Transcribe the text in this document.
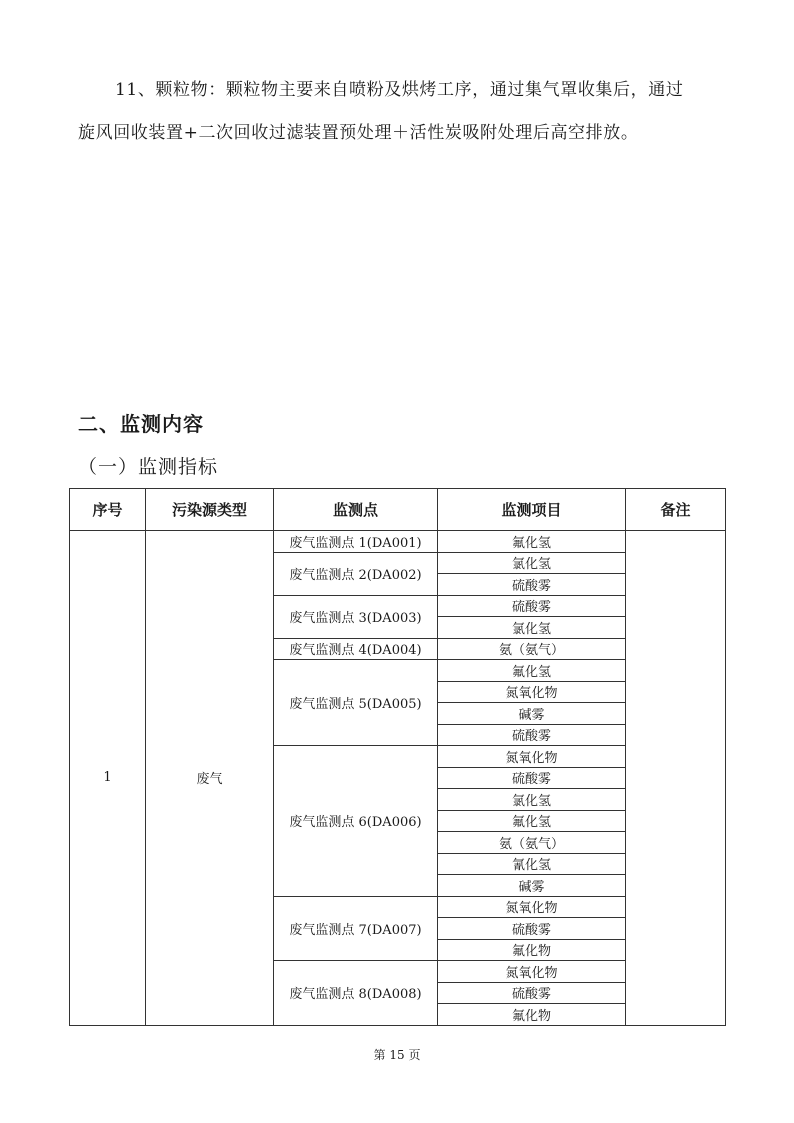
11、颗粒物：颗粒物主要来自喷粉及烘烤工序，通过集气罩收集后，通过
旋风回收装置+二次回收过滤装置预处理＋活性炭吸附处理后高空排放。
二、监测内容
（一）监测指标
序号	污染源类型	监测点	监测项目	备注
1	废气	废气监测点 1(DA001)	氟化氢	
		废气监测点 2(DA002)	氯化氢	
			硫酸雾	
		废气监测点 3(DA003)	硫酸雾	
			氯化氢	
		废气监测点 4(DA004)	氨（氨气）	
		废气监测点 5(DA005)	氟化氢	
			氮氧化物	
			碱雾	
			硫酸雾	
		废气监测点 6(DA006)	氮氧化物	
			硫酸雾	
			氯化氢	
			氟化氢	
			氨（氨气）	
			氰化氢	
			碱雾	
		废气监测点 7(DA007)	氮氧化物	
			硫酸雾	
			氟化物	
		废气监测点 8(DA008)	氮氧化物	
			硫酸雾	
			氟化物	
第 15 页
